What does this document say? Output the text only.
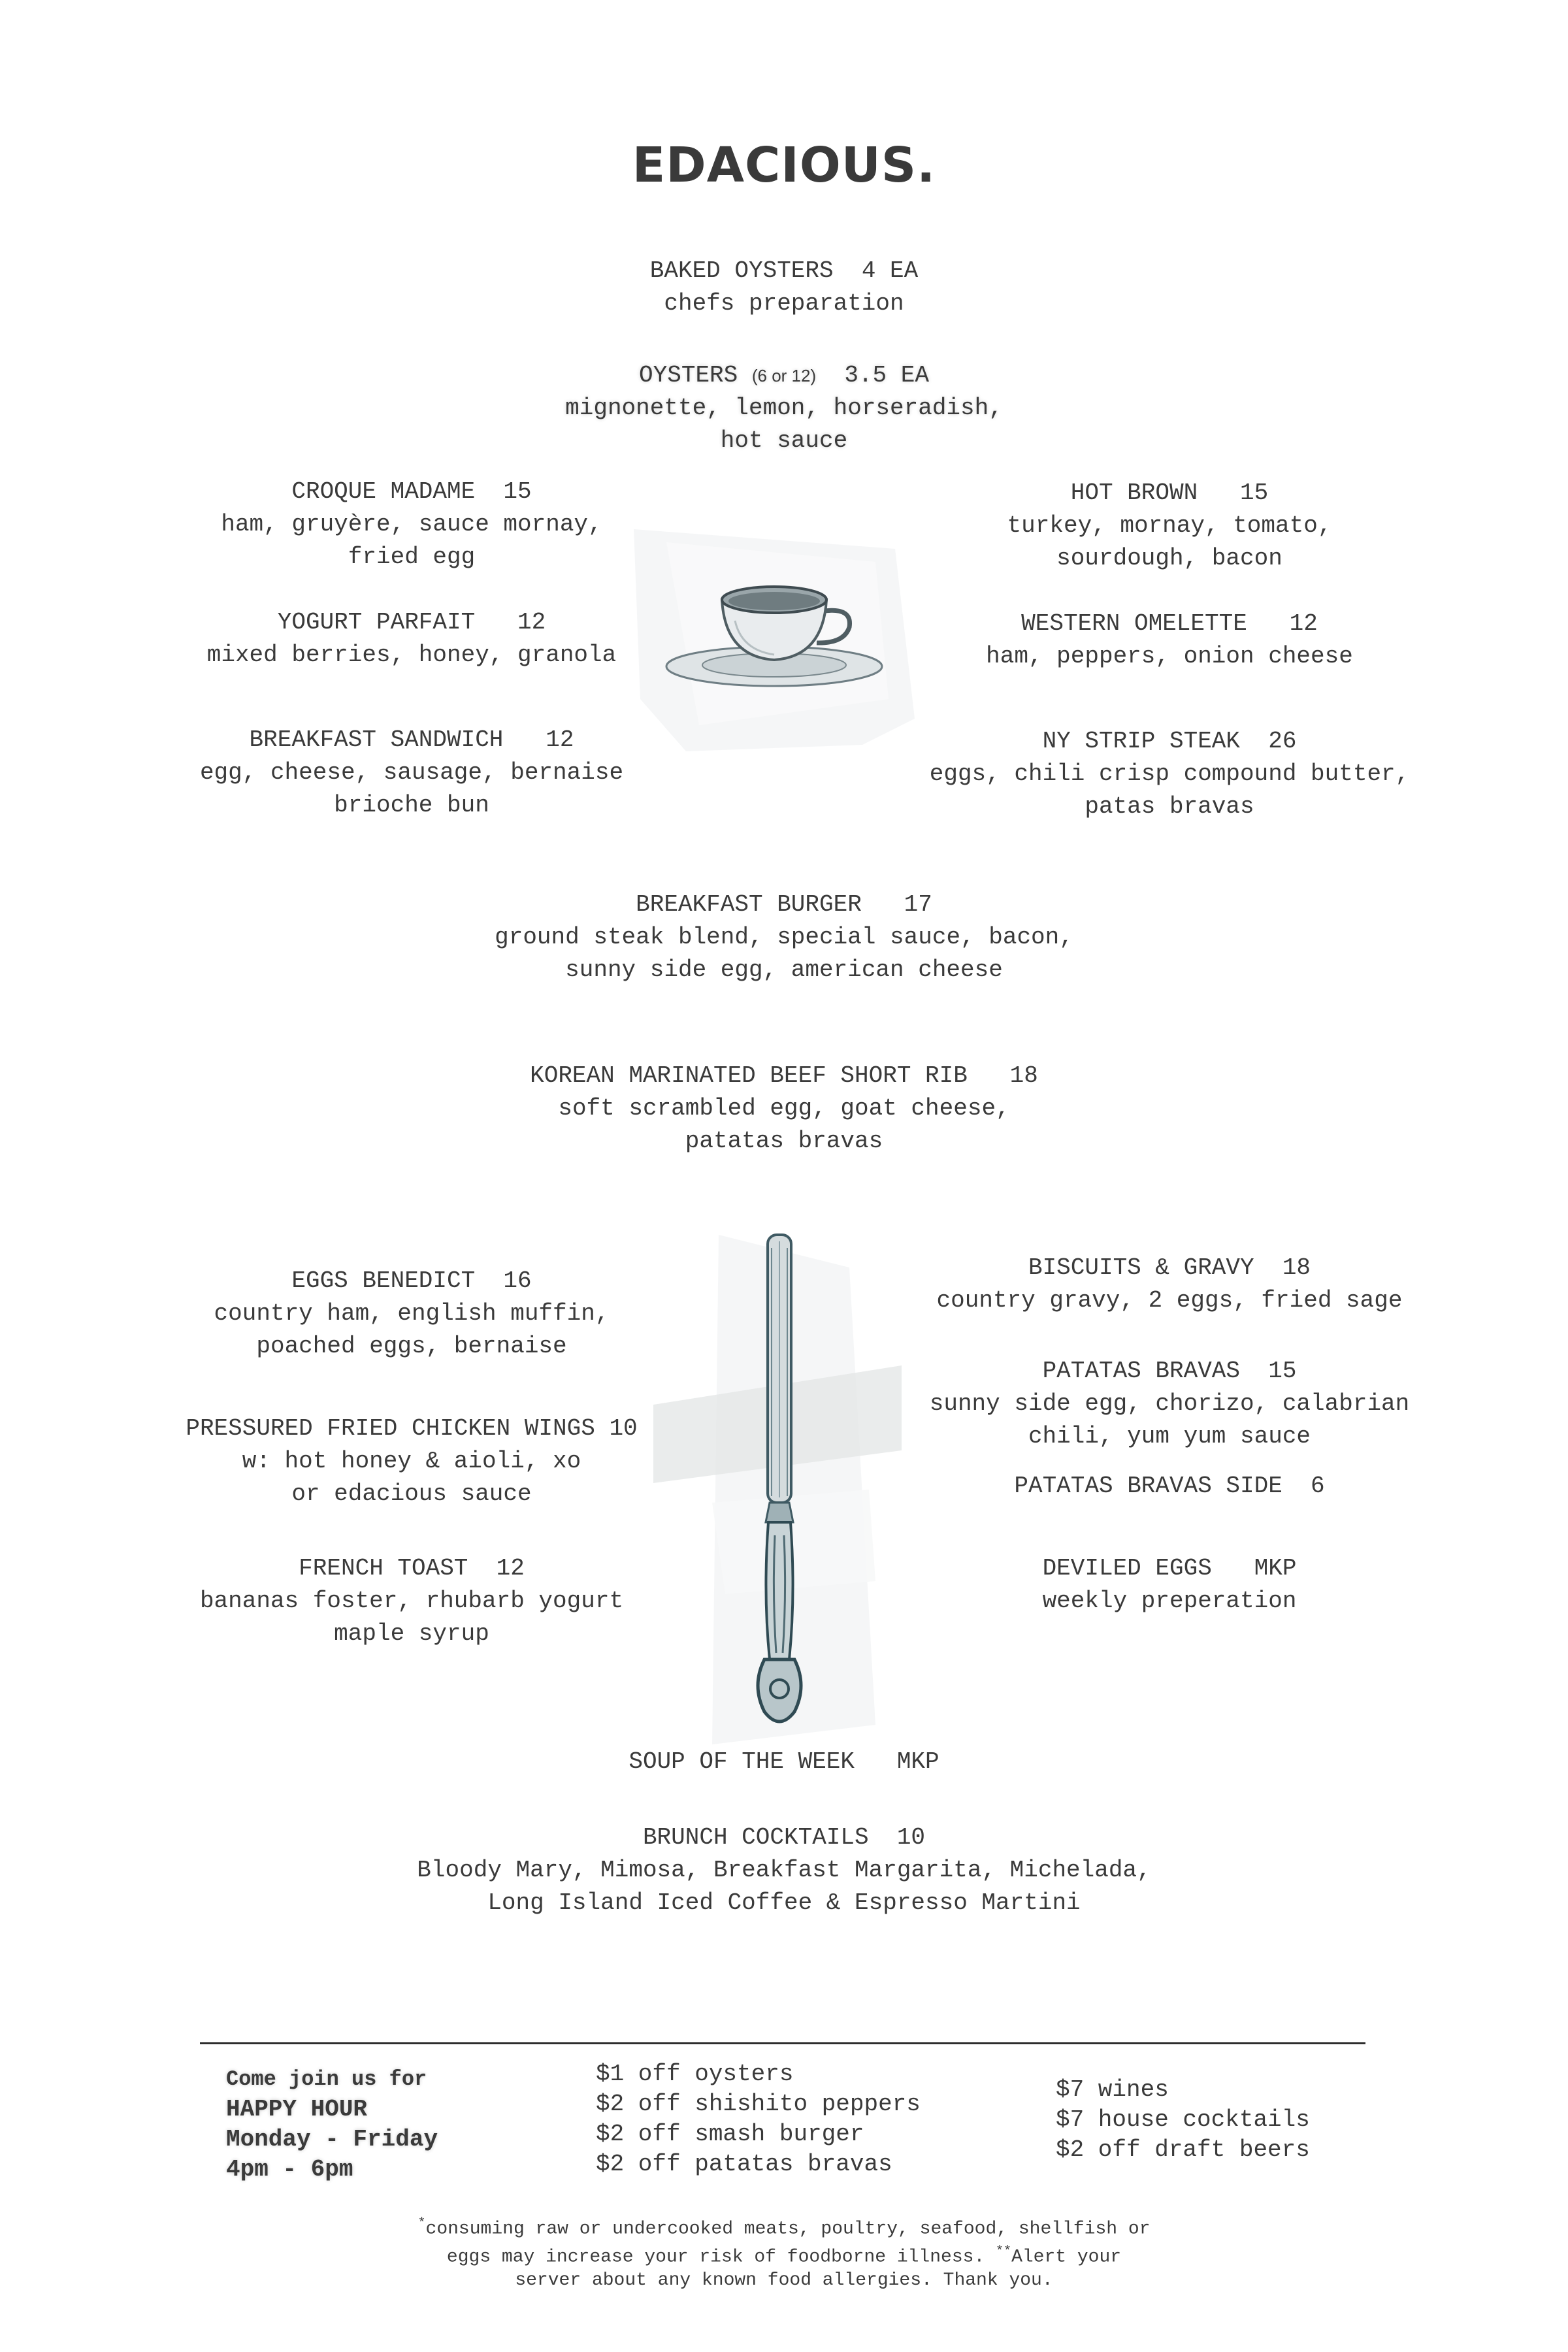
EDACIOUS.
BAKED OYSTERS  4 EA
chefs preparation
OYSTERS (6 or 12)  3.5 EA
mignonette, lemon, horseradish,
hot sauce
CROQUE MADAME  15
ham, gruyère, sauce mornay,
fried egg
YOGURT PARFAIT   12
mixed berries, honey, granola
BREAKFAST SANDWICH   12
egg, cheese, sausage, bernaise
brioche bun
HOT BROWN   15
turkey, mornay, tomato,
sourdough, bacon
WESTERN OMELETTE   12
ham, peppers, onion cheese
NY STRIP STEAK  26
eggs, chili crisp compound butter,
patas bravas
BREAKFAST BURGER   17
ground steak blend, special sauce, bacon,
sunny side egg, american cheese
KOREAN MARINATED BEEF SHORT RIB   18
soft scrambled egg, goat cheese,
patatas bravas
EGGS BENEDICT  16
country ham, english muffin,
poached eggs, bernaise
PRESSURED FRIED CHICKEN WINGS 10
w: hot honey & aioli, xo
or edacious sauce
FRENCH TOAST  12
bananas foster, rhubarb yogurt
maple syrup
BISCUITS & GRAVY  18
country gravy, 2 eggs, fried sage
PATATAS BRAVAS  15
sunny side egg, chorizo, calabrian
chili, yum yum sauce
PATATAS BRAVAS SIDE  6
DEVILED EGGS   MKP
weekly preperation
SOUP OF THE WEEK   MKP
BRUNCH COCKTAILS  10
Bloody Mary, Mimosa, Breakfast Margarita, Michelada,
Long Island Iced Coffee & Espresso Martini
Come join us for
HAPPY HOUR
Monday - Friday
4pm - 6pm
$1 off oysters
$2 off shishito peppers
$2 off smash burger
$2 off patatas bravas
$7 wines
$7 house cocktails
$2 off draft beers
*consuming raw or undercooked meats, poultry, seafood, shellfish or
eggs may increase your risk of foodborne illness. **Alert your
server about any known food allergies. Thank you.
